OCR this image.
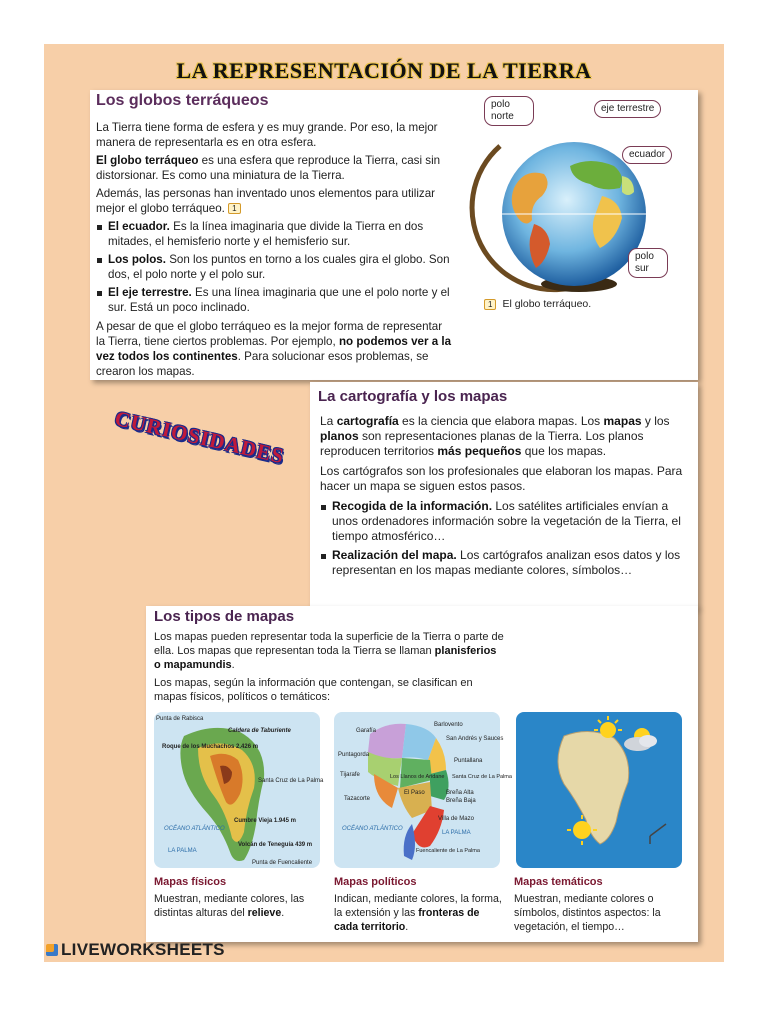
LA REPRESENTACIÓN DE LA TIERRA
Los globos terráqueos

La Tierra tiene forma de esfera y es muy grande. Por eso, la mejor manera de representarla es en otra esfera.

El globo terráqueo es una esfera que reproduce la Tierra, casi sin distorsionar. Es como una miniatura de la Tierra.

Además, las personas han inventado unos elementos para utilizar mejor el globo terráqueo. 1

El ecuador. Es la línea imaginaria que divide la Tierra en dos mitades, el hemisferio norte y el hemisferio sur.
Los polos. Son los puntos en torno a los cuales gira el globo. Son dos, el polo norte y el polo sur.
El eje terrestre. Es una línea imaginaria que une el polo norte y el sur. Está un poco inclinado.

A pesar de que el globo terráqueo es la mejor forma de representar la Tierra, tiene ciertos problemas. Por ejemplo, no podemos ver a la vez todos los continentes. Para solucionar esos problemas, se crearon los mapas.

polo norte
eje terrestre
ecuador
polo sur
1 El globo terráqueo.
CURIOSIDADES
La cartografía y los mapas

La cartografía es la ciencia que elabora mapas. Los mapas y los planos son representaciones planas de la Tierra. Los planos reproducen territorios más pequeños que los mapas.

Los cartógrafos son los profesionales que elaboran los mapas. Para hacer un mapa se siguen estos pasos.

Recogida de la información. Los satélites artificiales envían a unos ordenadores información sobre la vegetación de la Tierra, el tiempo atmosférico…
Realización del mapa. Los cartógrafos analizan esos datos y los representan en los mapas mediante colores, símbolos…
Los tipos de mapas

Los mapas pueden representar toda la superficie de la Tierra o parte de ella. Los mapas que representan toda la Tierra se llaman planisferios o mapamundis.

Los mapas, según la información que contengan, se clasifican en mapas físicos, políticos o temáticos:

Punta de Rabisca
Caldera de Taburiente
Roque de los Muchachos 2.426 m
Santa Cruz de La Palma
Cumbre Vieja 1.945 m
OCÉANO ATLÁNTICO
LA PALMA
Volcán de Teneguía 439 m
Punta de Fuencaliente
Garafía
Barlovento
San Andrés y Sauces
Puntagorda
Puntallana
Tijarafe	Los Llanos de Aridane Santa Cruz de La Palma
El Paso	Breña Alta
Breña Baja
Tazacorte
Villa de Mazo
OCÉANO ATLÁNTICO
LA PALMA
Fuencaliente de La Palma
Mapas físicos
Muestran, mediante colores, las distintas alturas del relieve.
Mapas políticos
Indican, mediante colores, la forma, la extensión y las fronteras de cada territorio.
Mapas temáticos
Muestran, mediante colores o símbolos, distintos aspectos: la vegetación, el tiempo…
LIVEWORKSHEETS
